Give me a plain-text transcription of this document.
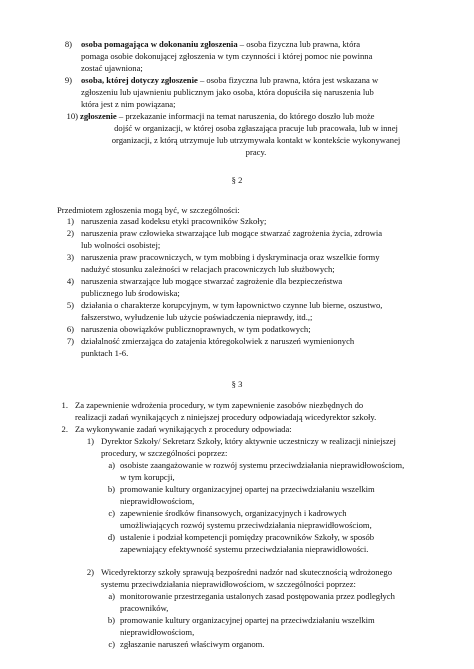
8) osoba pomagająca w dokonaniu zgłoszenia – osoba fizyczna lub prawna, która
pomaga osobie dokonującej zgłoszenia w tym czynności i której pomoc nie powinna
zostać ujawniona;
9) osoba, której dotyczy zgłoszenie – osoba fizyczna lub prawna, która jest wskazana w
zgłoszeniu lub ujawnieniu publicznym jako osoba, która dopuściła się naruszenia lub
która jest z nim powiązana;
10) zgłoszenie – przekazanie informacji na temat naruszenia, do którego doszło lub może
dojść w organizacji, w której osoba zgłaszająca pracuje lub pracowała, lub w innej
organizacji, z którą utrzymuje lub utrzymywała kontakt w kontekście wykonywanej
pracy.
§ 2
Przedmiotem zgłoszenia mogą być, w szczególności:
1) naruszenia zasad kodeksu etyki pracowników Szkoły;
2) naruszenia praw człowieka stwarzające lub mogące stwarzać zagrożenia życia, zdrowia
lub wolności osobistej;
3) naruszenia praw pracowniczych, w tym mobbing i dyskryminacja oraz wszelkie formy
nadużyć stosunku zależności w relacjach pracowniczych lub służbowych;
4) naruszenia stwarzające lub mogące stwarzać zagrożenie dla bezpieczeństwa
publicznego lub środowiska;
5) działania o charakterze korupcyjnym, w tym łapownictwo czynne lub bierne, oszustwo,
fałszerstwo, wyłudzenie lub użycie poświadczenia nieprawdy, itd.,;
6) naruszenia obowiązków publicznoprawnych, w tym podatkowych;
7) działalność zmierzająca do zatajenia któregokolwiek z naruszeń wymienionych
punktach 1-6.
§ 3
1. Za zapewnienie wdrożenia procedury, w tym zapewnienie zasobów niezbędnych do
realizacji zadań wynikających z niniejszej procedury odpowiadają wicedyrektor szkoły.
2. Za wykonywanie zadań wynikających z procedury odpowiada:
1) Dyrektor Szkoły/ Sekretarz Szkoły, który aktywnie uczestniczy w realizacji niniejszej
procedury, w szczególności poprzez:
a) osobiste zaangażowanie w rozwój systemu przeciwdziałania nieprawidłowościom,
w tym korupcji,
b) promowanie kultury organizacyjnej opartej na przeciwdziałaniu wszelkim
nieprawidłowościom,
c) zapewnienie środków finansowych, organizacyjnych i kadrowych
umożliwiających rozwój systemu przeciwdziałania nieprawidłowościom,
d) ustalenie i podział kompetencji pomiędzy pracowników Szkoły, w sposób
zapewniający efektywność systemu przeciwdziałania nieprawidłowości.
2) Wicedyrektorzy szkoły sprawują bezpośredni nadzór nad skutecznością wdrożonego
systemu przeciwdziałania nieprawidłowościom, w szczególności poprzez:
a) monitorowanie przestrzegania ustalonych zasad postępowania przez podległych
pracowników,
b) promowanie kultury organizacyjnej opartej na przeciwdziałaniu wszelkim
nieprawidłowościom,
c) zgłaszanie naruszeń właściwym organom.
